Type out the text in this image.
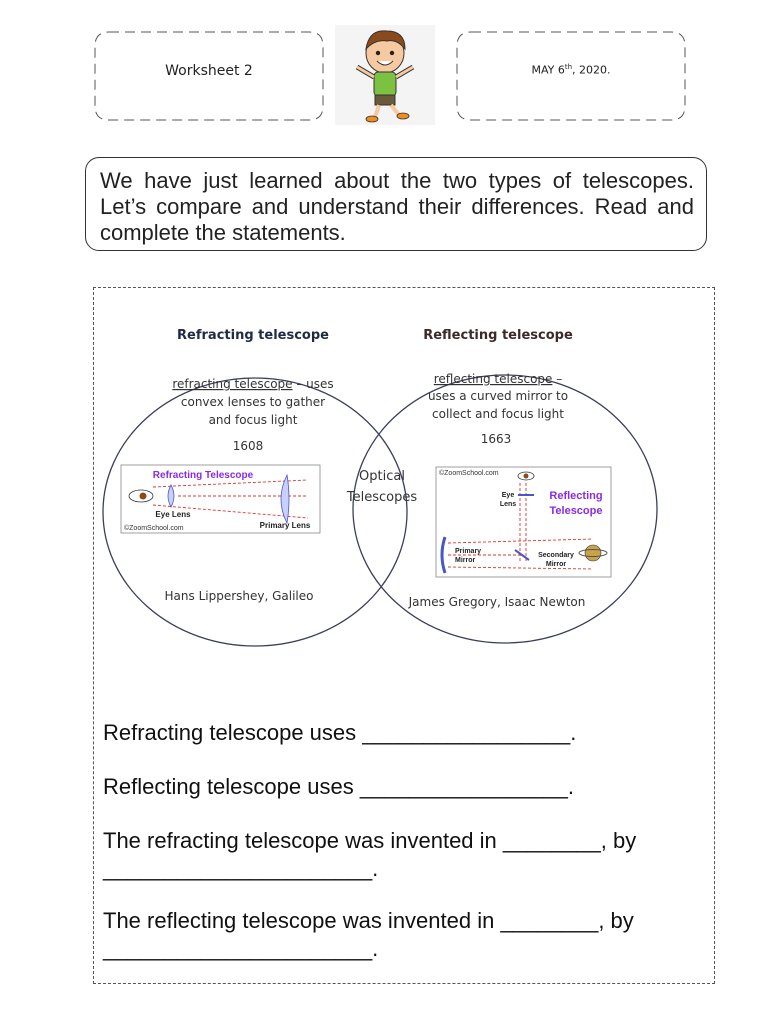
Worksheet 2	MAY 6th, 2020.
We have just learned about the two types of telescopes. Let’s compare and understand their differences. Read and complete the statements.
Refracting telescope	Reflecting telescope
refracting telescope – uses
convex lenses to gather
and focus light
1608
Hans Lippershey, Galileo
reflecting telescope –
uses a curved mirror to
collect and focus light
1663
James Gregory, Isaac Newton
Optical
Telescopes
Refracting Telescope
Eye Lens
Primary Lens
©ZoomSchool.com
©ZoomSchool.com
Reflecting
Telescope
Eye
Lens
Primary
Mirror
Secondary
Mirror
Refracting telescope uses _________________.
Reflecting telescope uses _________________.
The refracting telescope was invented in ________, by
______________________.
The reflecting telescope was invented in ________, by
______________________.
